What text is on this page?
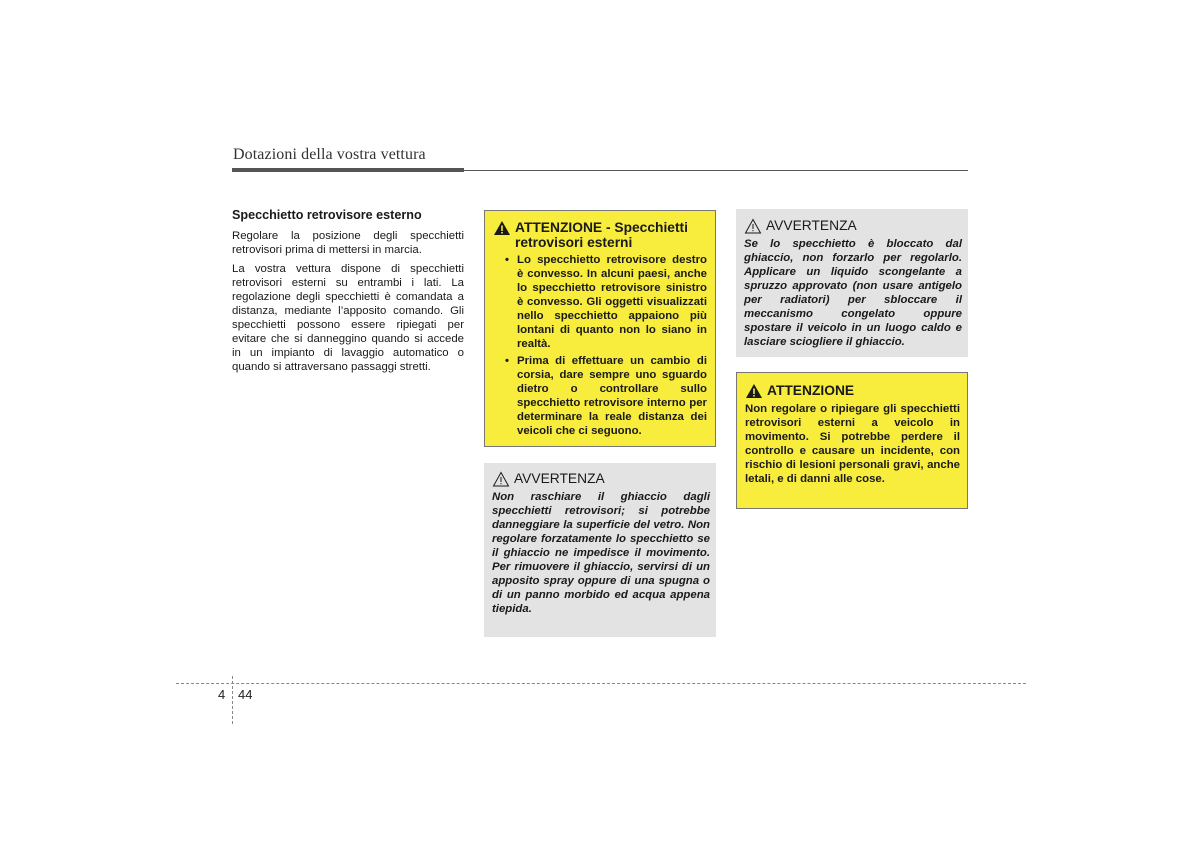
Dotazioni della vostra vettura
Specchietto retrovisore esterno

Regolare la posizione degli specchietti retrovisori prima di mettersi in marcia.

La vostra vettura dispone di specchietti retrovisori esterni su entrambi i lati. La regolazione degli specchietti è comandata a distanza, mediante l’apposito comando. Gli specchietti possono essere ripiegati per evitare che si danneggino quando si accede in un impianto di lavaggio automatico o quando si attraversano passaggi stretti.

ATTENZIONE - Specchietti retrovisori esterni
• Lo specchietto retrovisore destro è convesso. In alcuni paesi, anche lo specchietto retrovisore sinistro è convesso. Gli oggetti visualizzati nello specchietto appaiono più lontani di quanto non lo siano in realtà.
• Prima di effettuare un cambio di corsia, dare sempre uno sguardo dietro o controllare sullo specchietto retrovisore interno per determinare la reale distanza dei veicoli che ci seguono.
AVVERTENZA
Non raschiare il ghiaccio dagli specchietti retrovisori; si potrebbe danneggiare la superficie del vetro. Non regolare forzatamente lo specchietto se il ghiaccio ne impedisce il movimento. Per rimuovere il ghiaccio, servirsi di un apposito spray oppure di una spugna o di un panno morbido ed acqua appena tiepida.
AVVERTENZA
Se lo specchietto è bloccato dal ghiaccio, non forzarlo per regolarlo. Applicare un liquido scongelante a spruzzo approvato (non usare antigelo per radiatori) per sbloccare il meccanismo congelato oppure spostare il veicolo in un luogo caldo e lasciare sciogliere il ghiaccio.
ATTENZIONE
Non regolare o ripiegare gli specchietti retrovisori esterni a veicolo in movimento. Si potrebbe perdere il controllo e causare un incidente, con rischio di lesioni personali gravi, anche letali, e di danni alle cose.
4 44
